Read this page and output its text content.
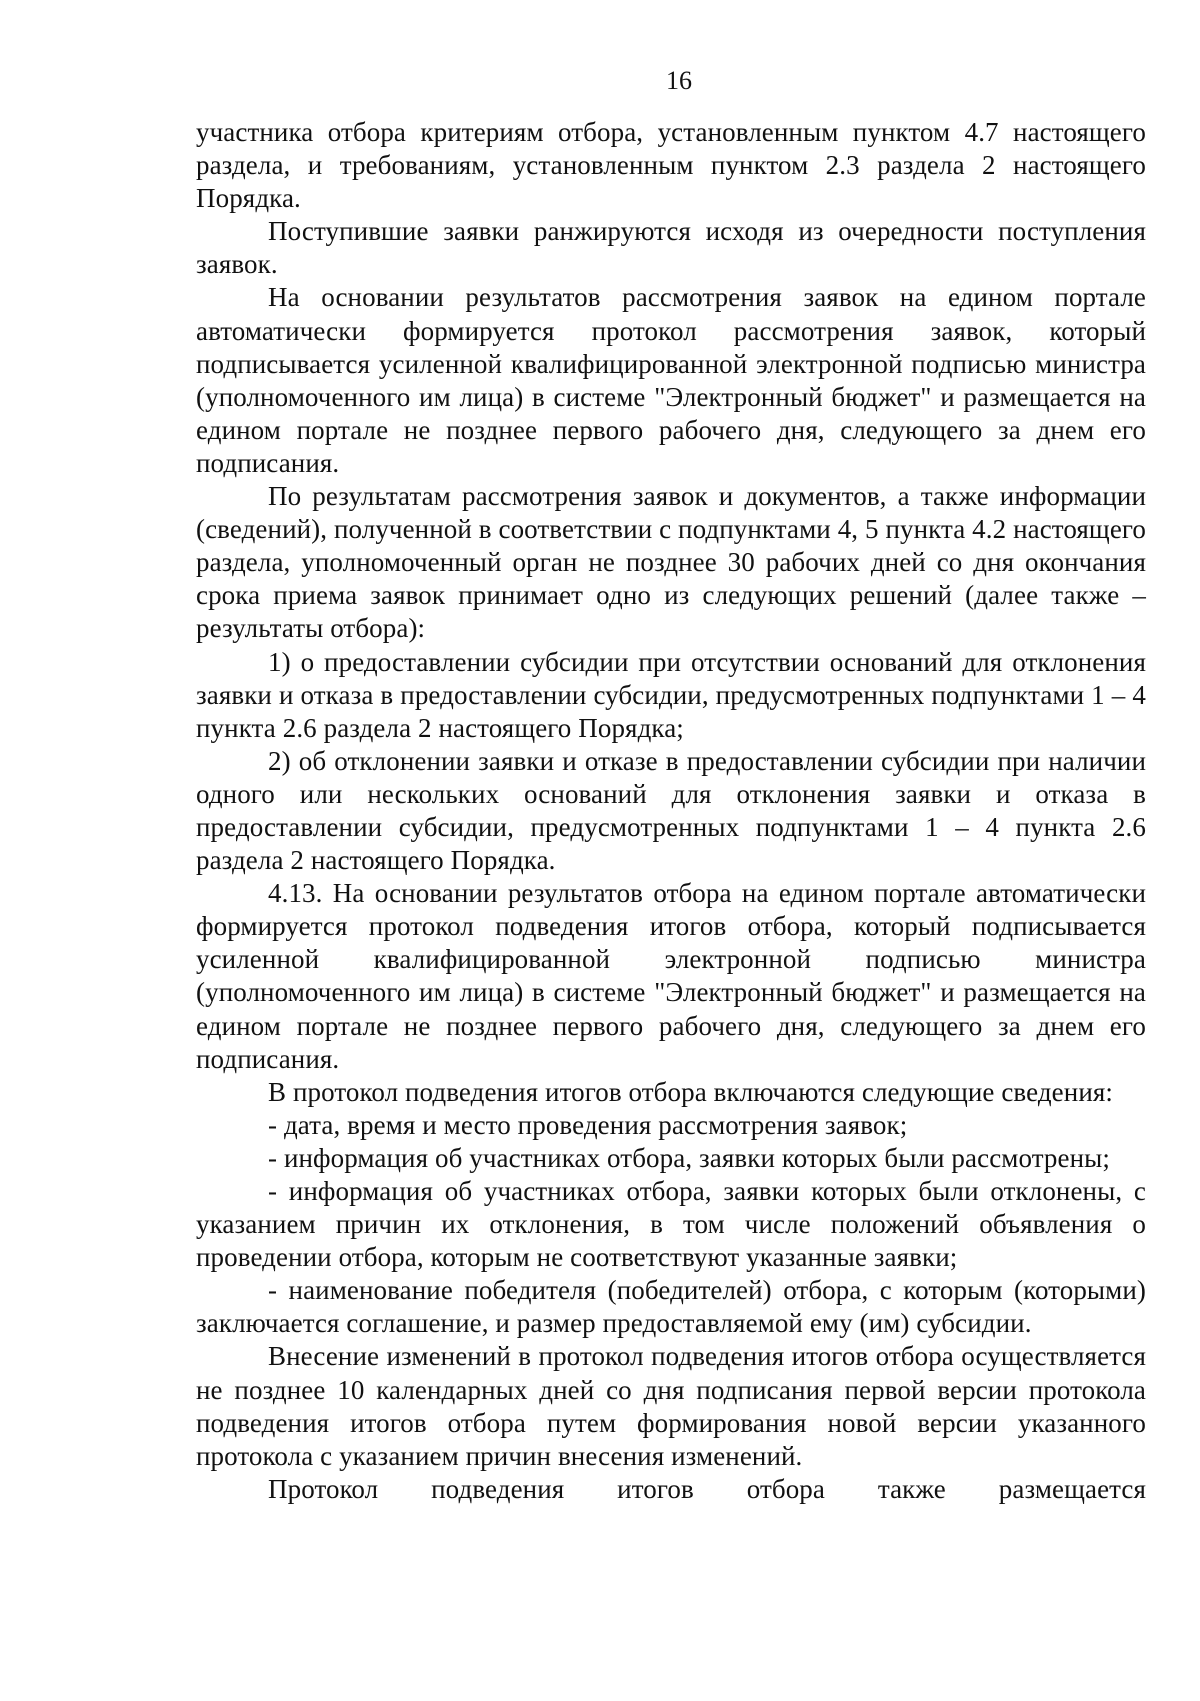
16

участника отбора критериям отбора, установленным пунктом 4.7 настоящего раздела, и требованиям, установленным пунктом 2.3 раздела 2 настоящего Порядка.

Поступившие заявки ранжируются исходя из очередности поступления заявок.

На основании результатов рассмотрения заявок на едином портале автоматически формируется протокол рассмотрения заявок, который подписывается усиленной квалифицированной электронной подписью министра (уполномоченного им лица) в системе "Электронный бюджет" и размещается на едином портале не позднее первого рабочего дня, следующего за днем его подписания.

По результатам рассмотрения заявок и документов, а также информации (сведений), полученной в соответствии с подпунктами 4, 5 пункта 4.2 настоящего раздела, уполномоченный орган не позднее 30 рабочих дней со дня окончания срока приема заявок принимает одно из следующих решений (далее также – результаты отбора):

1) о предоставлении субсидии при отсутствии оснований для отклонения заявки и отказа в предоставлении субсидии, предусмотренных подпунктами 1 – 4 пункта 2.6 раздела 2 настоящего Порядка;

2) об отклонении заявки и отказе в предоставлении субсидии при наличии одного или нескольких оснований для отклонения заявки и отказа в предоставлении субсидии, предусмотренных подпунктами 1 – 4 пункта 2.6 раздела 2 настоящего Порядка.

4.13. На основании результатов отбора на едином портале автоматически формируется протокол подведения итогов отбора, который подписывается усиленной квалифицированной электронной подписью министра (уполномоченного им лица) в системе "Электронный бюджет" и размещается на едином портале не позднее первого рабочего дня, следующего за днем его подписания.

В протокол подведения итогов отбора включаются следующие сведения:

- дата, время и место проведения рассмотрения заявок;

- информация об участниках отбора, заявки которых были рассмотрены;

- информация об участниках отбора, заявки которых были отклонены, с указанием причин их отклонения, в том числе положений объявления о проведении отбора, которым не соответствуют указанные заявки;

- наименование победителя (победителей) отбора, с которым (которыми) заключается соглашение, и размер предоставляемой ему (им) субсидии.

Внесение изменений в протокол подведения итогов отбора осуществляется не позднее 10 календарных дней со дня подписания первой версии протокола подведения итогов отбора путем формирования новой версии указанного протокола с указанием причин внесения изменений.

Протокол подведения итогов отбора также размещается
